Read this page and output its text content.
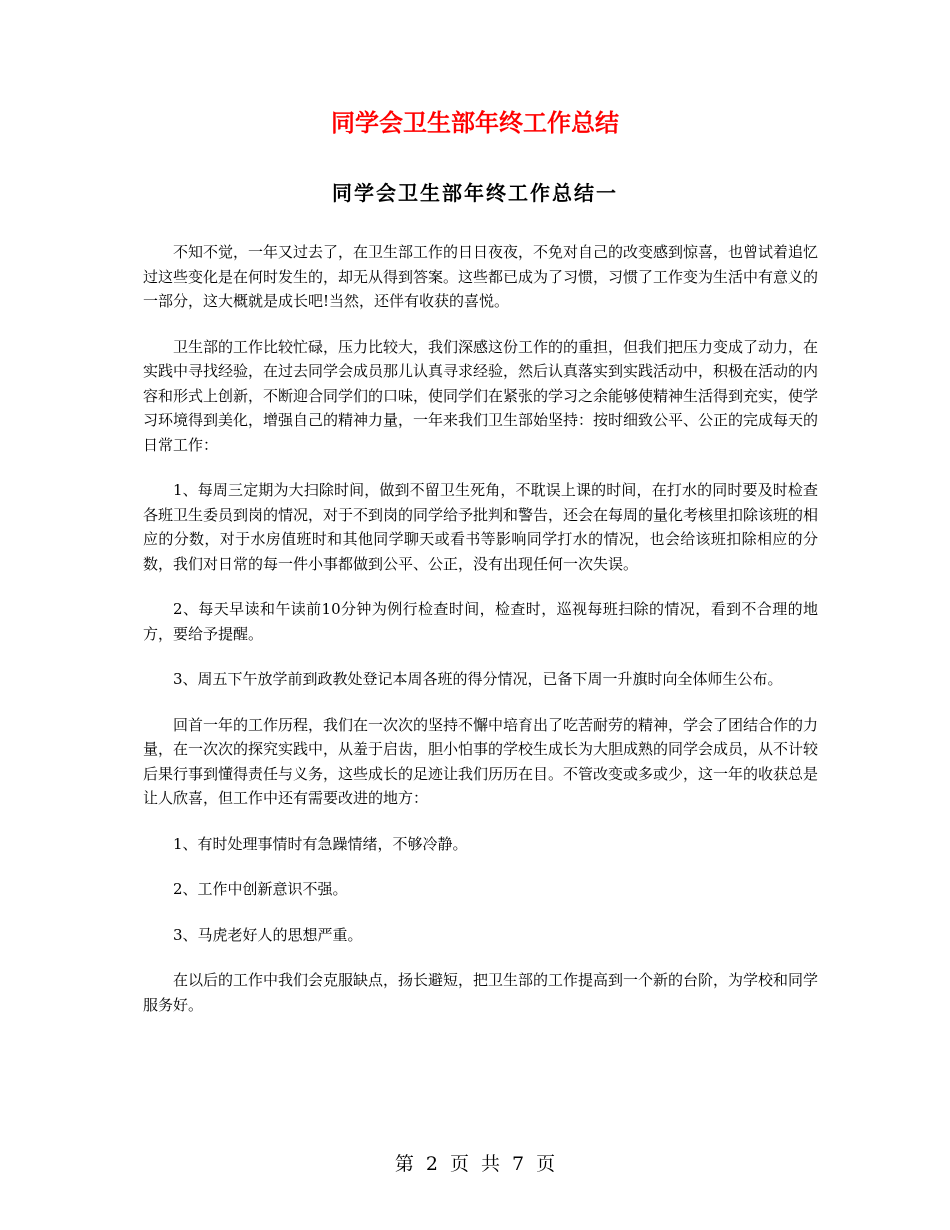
同学会卫生部年终工作总结
同学会卫生部年终工作总结一

不知不觉，一年又过去了，在卫生部工作的日日夜夜，不免对自己的改变感到惊喜，也曾试着追忆过这些变化是在何时发生的，却无从得到答案。这些都已成为了习惯，习惯了工作变为生活中有意义的一部分，这大概就是成长吧!当然，还伴有收获的喜悦。

卫生部的工作比较忙碌，压力比较大，我们深感这份工作的的重担，但我们把压力变成了动力，在实践中寻找经验，在过去同学会成员那儿认真寻求经验，然后认真落实到实践活动中，积极在活动的内容和形式上创新，不断迎合同学们的口味，使同学们在紧张的学习之余能够使精神生活得到充实，使学习环境得到美化，增强自己的精神力量，一年来我们卫生部始坚持：按时细致公平、公正的完成每天的日常工作：

1、每周三定期为大扫除时间，做到不留卫生死角，不耽误上课的时间，在打水的同时要及时检查各班卫生委员到岗的情况，对于不到岗的同学给予批判和警告，还会在每周的量化考核里扣除该班的相应的分数，对于水房值班时和其他同学聊天或看书等影响同学打水的情况，也会给该班扣除相应的分数，我们对日常的每一件小事都做到公平、公正，没有出现任何一次失误。

2、每天早读和午读前10分钟为例行检查时间，检查时，巡视每班扫除的情况，看到不合理的地方，要给予提醒。

3、周五下午放学前到政教处登记本周各班的得分情况，已备下周一升旗时向全体师生公布。

回首一年的工作历程，我们在一次次的坚持不懈中培育出了吃苦耐劳的精神，学会了团结合作的力量，在一次次的探究实践中，从羞于启齿，胆小怕事的学校生成长为大胆成熟的同学会成员，从不计较后果行事到懂得责任与义务，这些成长的足迹让我们历历在目。不管改变或多或少，这一年的收获总是让人欣喜，但工作中还有需要改进的地方：

1、有时处理事情时有急躁情绪，不够冷静。

2、工作中创新意识不强。

3、马虎老好人的思想严重。

在以后的工作中我们会克服缺点，扬长避短，把卫生部的工作提高到一个新的台阶，为学校和同学服务好。

第 2 页 共 7 页
